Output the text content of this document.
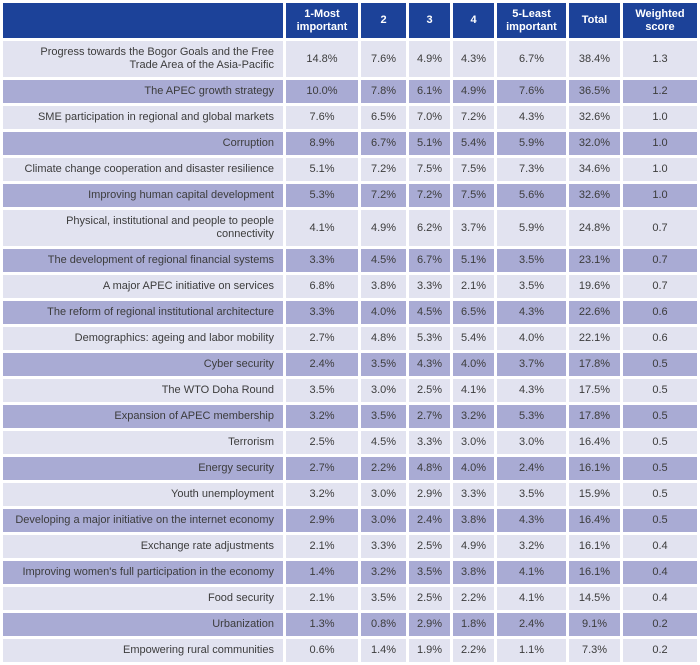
	1-Most important	2	3	4	5-Least important	Total	Weighted score
Progress towards the Bogor Goals and the Free Trade Area of the Asia-Pacific	14.8%	7.6%	4.9%	4.3%	6.7%	38.4%	1.3
The APEC growth strategy	10.0%	7.8%	6.1%	4.9%	7.6%	36.5%	1.2
SME participation in regional and global markets	7.6%	6.5%	7.0%	7.2%	4.3%	32.6%	1.0
Corruption	8.9%	6.7%	5.1%	5.4%	5.9%	32.0%	1.0
Climate change cooperation and disaster resilience	5.1%	7.2%	7.5%	7.5%	7.3%	34.6%	1.0
Improving human capital development	5.3%	7.2%	7.2%	7.5%	5.6%	32.6%	1.0
Physical, institutional and people to people connectivity	4.1%	4.9%	6.2%	3.7%	5.9%	24.8%	0.7
The development of regional financial systems	3.3%	4.5%	6.7%	5.1%	3.5%	23.1%	0.7
A major APEC initiative on services	6.8%	3.8%	3.3%	2.1%	3.5%	19.6%	0.7
The reform of regional institutional architecture	3.3%	4.0%	4.5%	6.5%	4.3%	22.6%	0.6
Demographics: ageing and labor mobility	2.7%	4.8%	5.3%	5.4%	4.0%	22.1%	0.6
Cyber security	2.4%	3.5%	4.3%	4.0%	3.7%	17.8%	0.5
The WTO Doha Round	3.5%	3.0%	2.5%	4.1%	4.3%	17.5%	0.5
Expansion of APEC membership	3.2%	3.5%	2.7%	3.2%	5.3%	17.8%	0.5
Terrorism	2.5%	4.5%	3.3%	3.0%	3.0%	16.4%	0.5
Energy security	2.7%	2.2%	4.8%	4.0%	2.4%	16.1%	0.5
Youth unemployment	3.2%	3.0%	2.9%	3.3%	3.5%	15.9%	0.5
Developing a major initiative on the internet economy	2.9%	3.0%	2.4%	3.8%	4.3%	16.4%	0.5
Exchange rate adjustments	2.1%	3.3%	2.5%	4.9%	3.2%	16.1%	0.4
Improving women's full participation in the economy	1.4%	3.2%	3.5%	3.8%	4.1%	16.1%	0.4
Food security	2.1%	3.5%	2.5%	2.2%	4.1%	14.5%	0.4
Urbanization	1.3%	0.8%	2.9%	1.8%	2.4%	9.1%	0.2
Empowering rural communities	0.6%	1.4%	1.9%	2.2%	1.1%	7.3%	0.2
